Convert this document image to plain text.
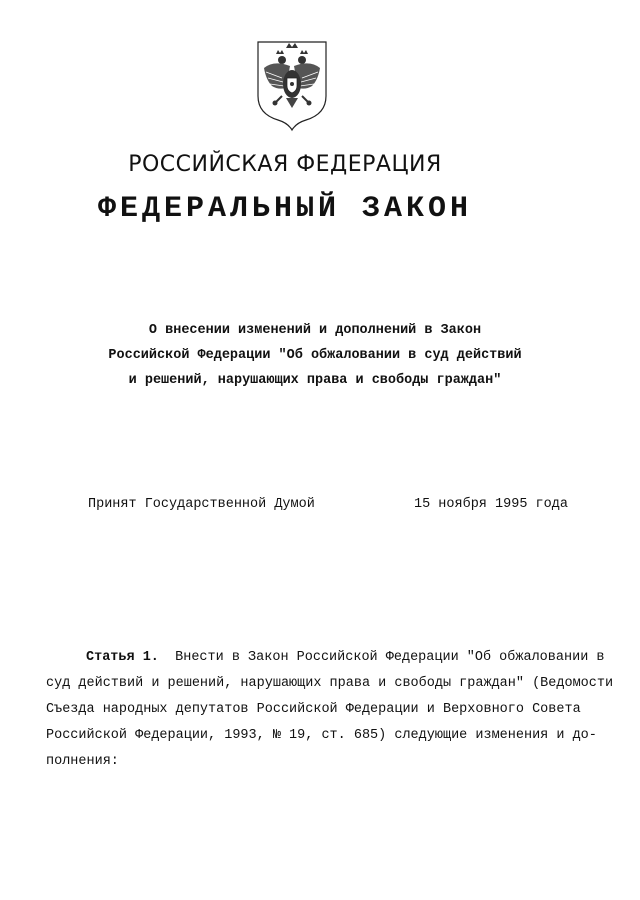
РОССИЙСКАЯ ФЕДЕРАЦИЯ
ФЕДЕРАЛЬНЫЙ ЗАКОН
О внесении изменений и дополнений в Закон
Российской Федерации "Об обжаловании в суд действий
и решений, нарушающих права и свободы граждан"
Принят Государственной Думой	15 ноября 1995 года
Статья 1. Внести в Закон Российской Федерации "Об обжаловании в
суд действий и решений, нарушающих права и свободы граждан" (Ведомости
Съезда народных депутатов Российской Федерации и Верховного Совета
Российской Федерации, 1993, № 19, ст. 685) следующие изменения и до-
полнения:
